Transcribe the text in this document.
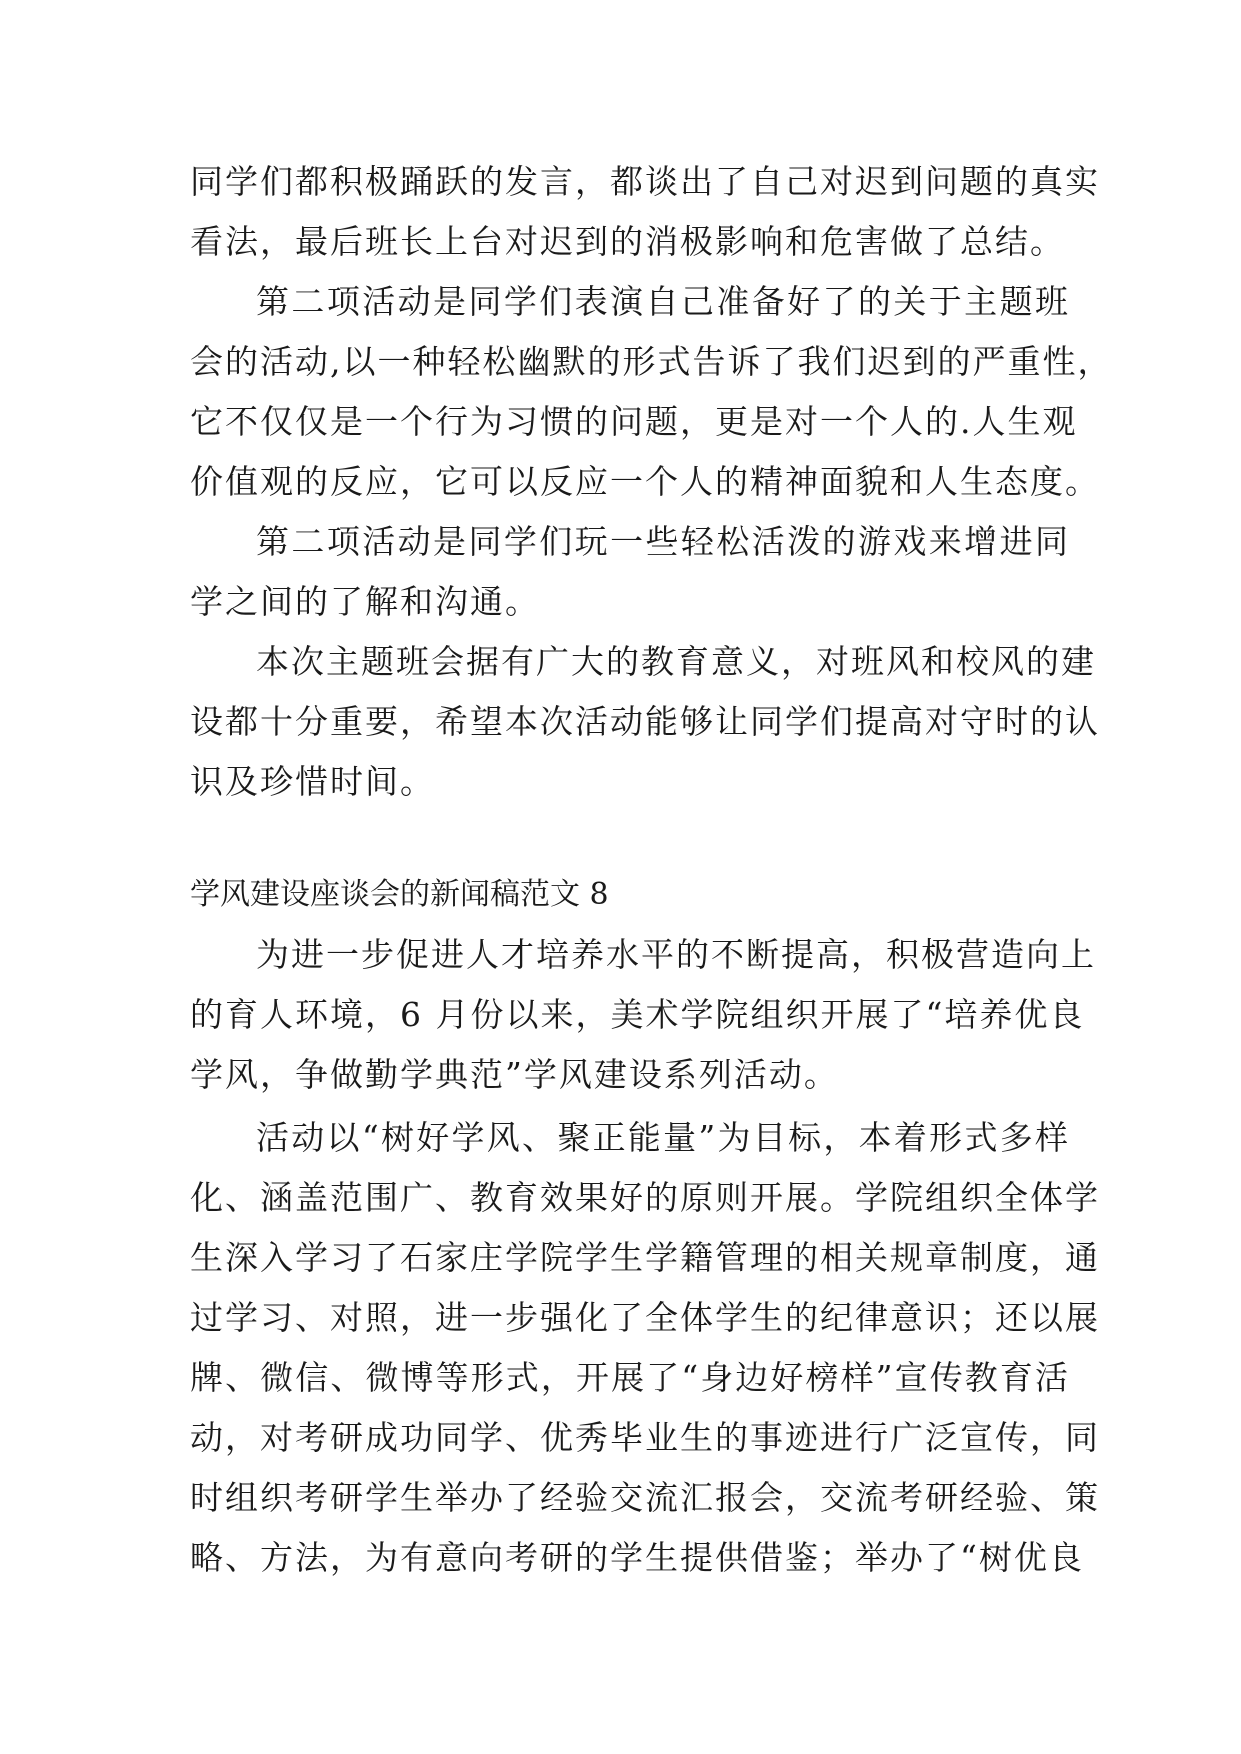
同学们都积极踊跃的发言，都谈出了自己对迟到问题的真实
看法，最后班长上台对迟到的消极影响和危害做了总结。
第二项活动是同学们表演自己准备好了的关于主题班
会的活动,以一种轻松幽默的形式告诉了我们迟到的严重性，
它不仅仅是一个行为习惯的问题，更是对一个人的.人生观
价值观的反应，它可以反应一个人的精神面貌和人生态度。
第二项活动是同学们玩一些轻松活泼的游戏来增进同
学之间的了解和沟通。
本次主题班会据有广大的教育意义，对班风和校风的建
设都十分重要，希望本次活动能够让同学们提高对守时的认
识及珍惜时间。
学风建设座谈会的新闻稿范文 8
为进一步促进人才培养水平的不断提高，积极营造向上
的育人环境，6 月份以来，美术学院组织开展了“培养优良
学风，争做勤学典范”学风建设系列活动。
活动以“树好学风、聚正能量”为目标，本着形式多样
化、涵盖范围广、教育效果好的原则开展。学院组织全体学
生深入学习了石家庄学院学生学籍管理的相关规章制度，通
过学习、对照，进一步强化了全体学生的纪律意识；还以展
牌、微信、微博等形式，开展了“身边好榜样”宣传教育活
动，对考研成功同学、优秀毕业生的事迹进行广泛宣传，同
时组织考研学生举办了经验交流汇报会，交流考研经验、策
略、方法，为有意向考研的学生提供借鉴；举办了“树优良
